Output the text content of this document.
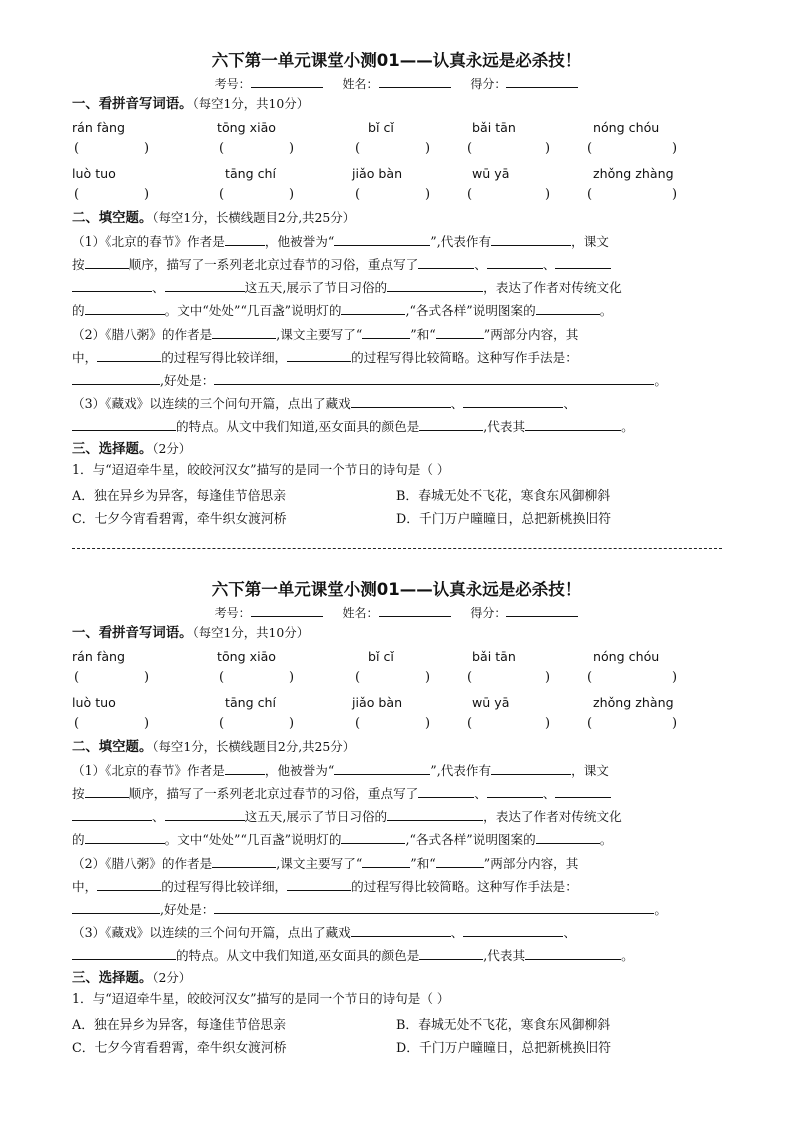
六下第一单元课堂小测01——认真永远是必杀技！
考号：	姓名：	得分：
一、看拼音写词语。（每空1分，共10分）
rán fàng	tōng xiāo	bǐ cǐ	bǎi tān	nóng chóu
(	)	(	)	(	)	(	)	(	)
luò tuo	tāng chí	jiǎo bàn	wū yā	zhǒng zhàng
(	)	(	)	(	)	(	)	(	)
二、填空题。（每空1分，长横线题目2分,共25分）
（1）《北京的春节》作者是	，他被誉为“	”,代表作有	，课文
按	顺序，描写了一系列老北京过春节的习俗，重点写了	、	、
、	这五天,展示了节日习俗的	，表达了作者对传统文化
的	。文中“处处”“几百盏”说明灯的	,“各式各样”说明图案的	。
（2）《腊八粥》的作者是	,课文主要写了“	”和“	”两部分内容，其
中，	的过程写得比较详细，	的过程写得比较简略。这种写作手法是：
,好处是：	。
（3）《藏戏》以连续的三个问句开篇，点出了藏戏	、	、
的特点。从文中我们知道,巫女面具的颜色是	,代表其	。
三、选择题。（2分）
1．与“迢迢牵牛星，皎皎河汉女”描写的是同一个节日的诗句是（ ）
A．独在异乡为异客，每逢佳节倍思亲	B．春城无处不飞花，寒食东风御柳斜
C．七夕今宵看碧霄，牵牛织女渡河桥	D．千门万户曈曈日，总把新桃换旧符
六下第一单元课堂小测01——认真永远是必杀技！
考号：	姓名：	得分：
一、看拼音写词语。（每空1分，共10分）
rán fàng	tōng xiāo	bǐ cǐ	bǎi tān	nóng chóu
(	)	(	)	(	)	(	)	(	)
luò tuo	tāng chí	jiǎo bàn	wū yā	zhǒng zhàng
(	)	(	)	(	)	(	)	(	)
二、填空题。（每空1分，长横线题目2分,共25分）
（1）《北京的春节》作者是	，他被誉为“	”,代表作有	，课文
按	顺序，描写了一系列老北京过春节的习俗，重点写了	、	、
、	这五天,展示了节日习俗的	，表达了作者对传统文化
的	。文中“处处”“几百盏”说明灯的	,“各式各样”说明图案的	。
（2）《腊八粥》的作者是	,课文主要写了“	”和“	”两部分内容，其
中，	的过程写得比较详细，	的过程写得比较简略。这种写作手法是：
,好处是：	。
（3）《藏戏》以连续的三个问句开篇，点出了藏戏	、	、
的特点。从文中我们知道,巫女面具的颜色是	,代表其	。
三、选择题。（2分）
1．与“迢迢牵牛星，皎皎河汉女”描写的是同一个节日的诗句是（ ）
A．独在异乡为异客，每逢佳节倍思亲	B．春城无处不飞花，寒食东风御柳斜
C．七夕今宵看碧霄，牵牛织女渡河桥	D．千门万户曈曈日，总把新桃换旧符
